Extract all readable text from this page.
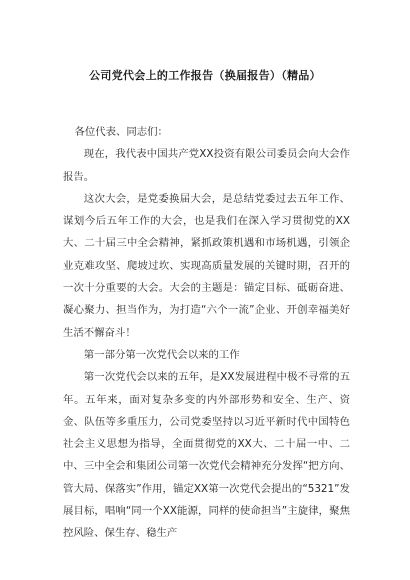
公司党代会上的工作报告（换届报告）（精品）

各位代表、同志们：

现在，我代表中国共产党XX投资有限公司委员会向大会作报告。

这次大会，是党委换届大会，是总结党委过去五年工作、谋划今后五年工作的大会，也是我们在深入学习贯彻党的XX大、二十届三中全会精神，紧抓政策机遇和市场机遇，引领企业克难攻坚、爬坡过坎、实现高质量发展的关键时期，召开的一次十分重要的大会。大会的主题是：锚定目标、砥砺奋进、凝心聚力、担当作为，为打造“六个一流”企业、开创幸福美好生活不懈奋斗！

第一部分第一次党代会以来的工作

第一次党代会以来的五年，是XX发展进程中极不寻常的五年。五年来，面对复杂多变的内外部形势和安全、生产、资金、队伍等多重压力，公司党委坚持以习近平新时代中国特色社会主义思想为指导，全面贯彻党的XX大、二十届一中、二中、三中全会和集团公司第一次党代会精神充分发挥“把方向、管大局、保落实”作用，锚定XX第一次党代会提出的“5321”发展目标，唱响“同一个XX能源，同样的使命担当”主旋律，聚焦控风险、保生存、稳生产
